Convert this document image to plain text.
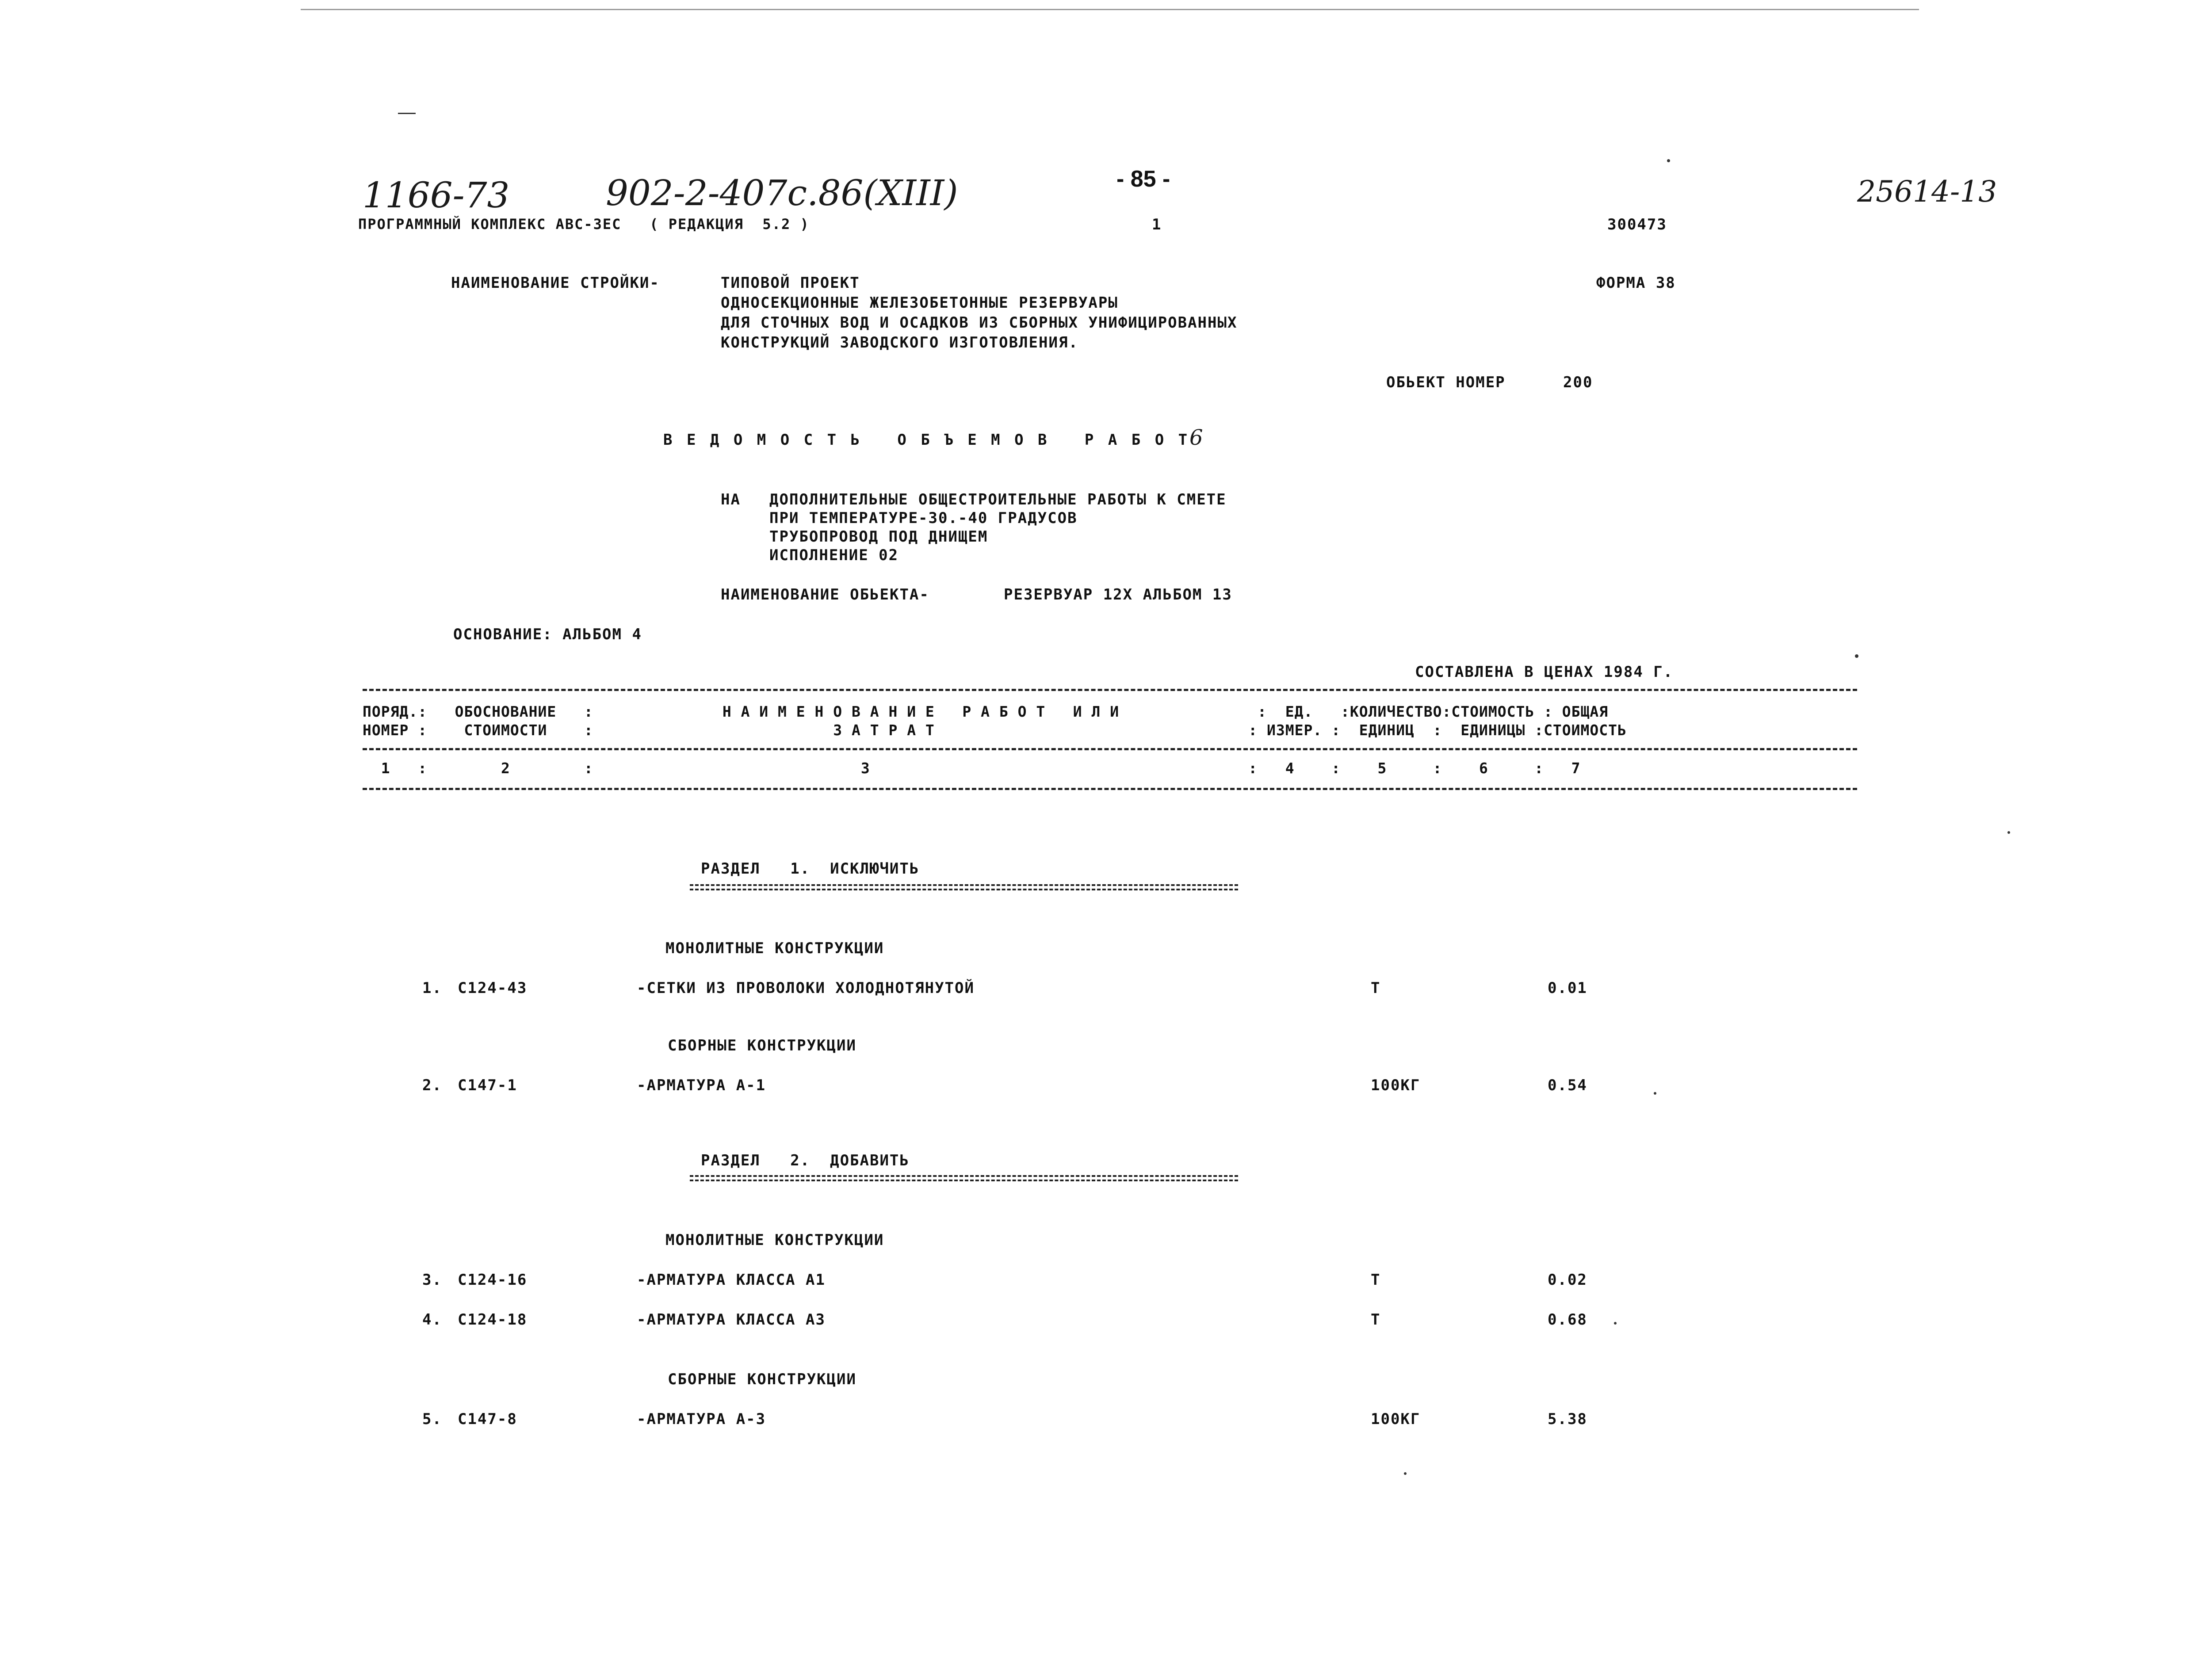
1166-73	902-2-407с.86(XIII)	- 85 -	25614-13
ПРОГРАММНЫЙ КОМПЛЕКС АВС-3ЕС   ( РЕДАКЦИЯ  5.2 )	1	300473
НАИМЕНОВАНИЕ СТРОЙКИ-	ТИПОВОЙ ПРОЕКТ
ОДНОСЕКЦИОННЫЕ ЖЕЛЕЗОБЕТОННЫЕ РЕЗЕРВУАРЫ
ДЛЯ СТОЧНЫХ ВОД И ОСАДКОВ ИЗ СБОРНЫХ УНИФИЦИРОВАННЫХ
КОНСТРУКЦИЙ ЗАВОДСКОГО ИЗГОТОВЛЕНИЯ.
ФОРМА 38
ОБЬЕКТ НОМЕР	200
В Е Д О М О С Т Ь   О Б Ъ Е М О В   Р А Б О Т
6
НА ДОПОЛНИТЕЛЬНЫЕ ОБЩЕСТРОИТЕЛЬНЫЕ РАБОТЫ К СМЕТЕ
ПРИ ТЕМПЕРАТУРЕ-30.-40 ГРАДУСОВ
ТРУБОПРОВОД ПОД ДНИЩЕМ
ИСПОЛНЕНИЕ 02
НАИМЕНОВАНИЕ ОБЬЕКТА-	РЕЗЕРВУАР 12Х АЛЬБОМ 13
ОСНОВАНИЕ: АЛЬБОМ 4
СОСТАВЛЕНА В ЦЕНАХ 1984 Г.
ПОРЯД.:   ОБОСНОВАНИЕ   :              Н А И М Е Н О В А Н И Е   Р А Б О Т   И Л И               :  ЕД.   :КОЛИЧЕСТВО:СТОИМОСТЬ : ОБЩАЯ
НОМЕР :    СТОИМОСТИ    :                          З А Т Р А Т                                  : ИЗМЕР. :  ЕДИНИЦ  :  ЕДИНИЦЫ :СТОИМОСТЬ
1   :        2        :                             3                                         :   4    :    5     :    6     :   7
РАЗДЕЛ   1.  ИСКЛЮЧИТЬ
МОНОЛИТНЫЕ КОНСТРУКЦИИ
1. С124-43	-СЕТКИ ИЗ ПРОВОЛОКИ ХОЛОДНОТЯНУТОЙ	Т	0.01
СБОРНЫЕ КОНСТРУКЦИИ
2. С147-1	-АРМАТУРА А-1	100КГ	0.54
РАЗДЕЛ   2.  ДОБАВИТЬ
МОНОЛИТНЫЕ КОНСТРУКЦИИ
3. С124-16	-АРМАТУРА КЛАССА А1	Т	0.02
4. С124-18	-АРМАТУРА КЛАССА А3	Т	0.68
СБОРНЫЕ КОНСТРУКЦИИ
5. С147-8	-АРМАТУРА А-3	100КГ	5.38
